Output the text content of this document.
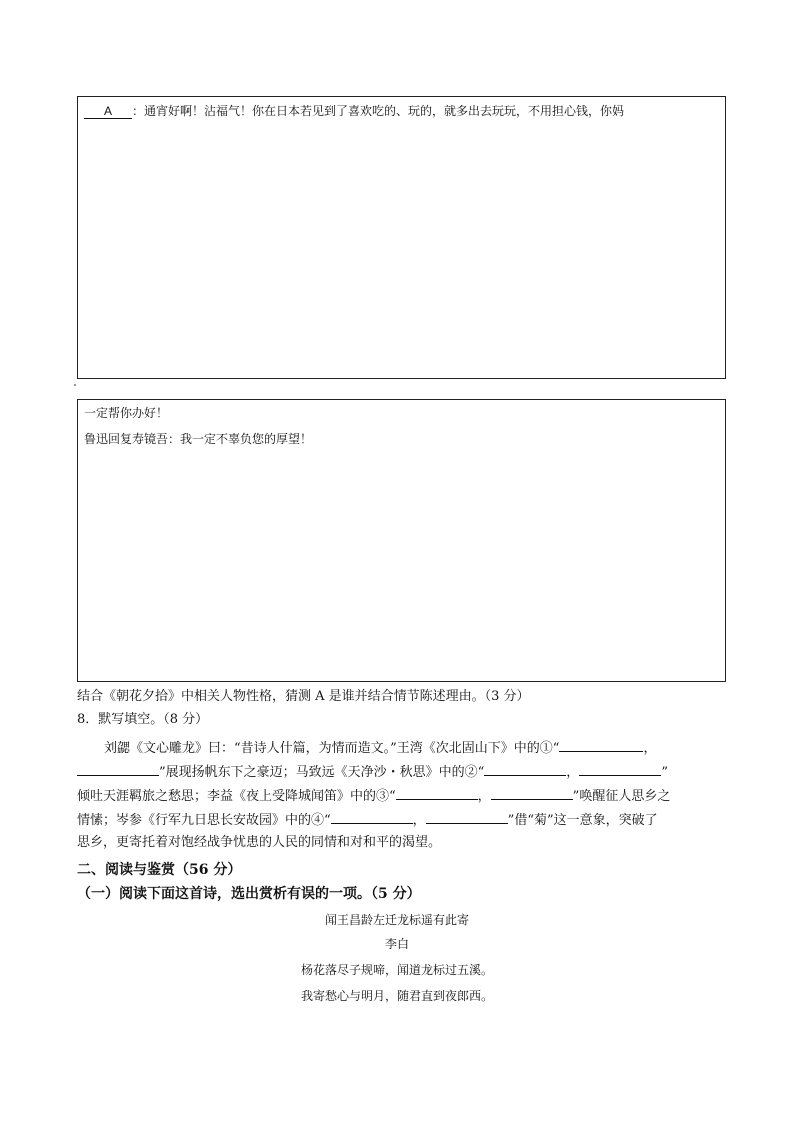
A ：通宵好啊！沾福气！你在日本若见到了喜欢吃的、玩的，就多出去玩玩，不用担心钱，你妈
一定帮你办好！
鲁迅回复寿镜吾：我一定不辜负您的厚望！
结合《朝花夕拾》中相关人物性格，猜测 A 是谁并结合情节陈述理由。（3 分）
8．默写填空。（8 分）
刘勰《文心雕龙》曰：“昔诗人什篇，为情而造文。”王湾《次北固山下》中的①“	，
”展现扬帆东下之豪迈；马致远《天净沙・秋思》中的②“	，	”
倾吐天涯羁旅之愁思；李益《夜上受降城闻笛》中的③“	，	”唤醒征人思乡之
情愫；岑参《行军九日思长安故园》中的④“	，	”借“菊”这一意象，突破了
思乡，更寄托着对饱经战争忧患的人民的同情和对和平的渴望。
二、阅读与鉴赏（56 分）
（一）阅读下面这首诗，选出赏析有误的一项。（5 分）
闻王昌龄左迁龙标遥有此寄
李白
杨花落尽子规啼，闻道龙标过五溪。
我寄愁心与明月，随君直到夜郎西。
